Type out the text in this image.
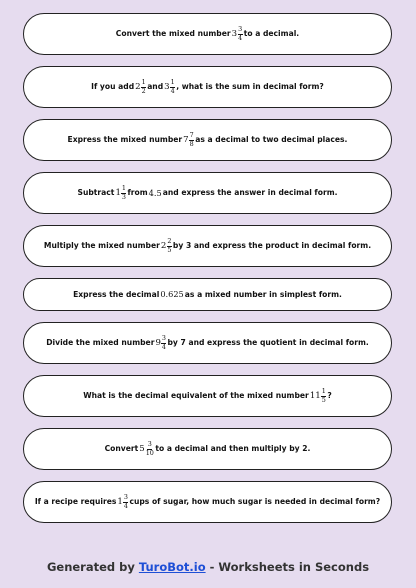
Convert the mixed number $3 \frac{3}{4}$ to a decimal.
If you add $2 \frac{1}{2}$ and $3 \frac{1}{4}$ , what is the sum in decimal form?
Express the mixed number $7 \frac{7}{8}$ as a decimal to two decimal places.
Subtract $1 \frac{1}{3}$ from 4.5 and express the answer in decimal form.
Multiply the mixed number $2 \frac{2}{5}$ by 3 and express the product in decimal form.
Express the decimal 0.625 as a mixed number in simplest form.
Divide the mixed number $9 \frac{3}{4}$ by 7 and express the quotient in decimal form.
What is the decimal equivalent of the mixed number $11 \frac{1}{5}$ ?
Convert $5 \frac{3}{10}$ to a decimal and then multiply by 2.
If a recipe requires $1 \frac{3}{4}$ cups of sugar, how much sugar is needed in decimal form?
Generated by TuroBot.io - Worksheets in Seconds
